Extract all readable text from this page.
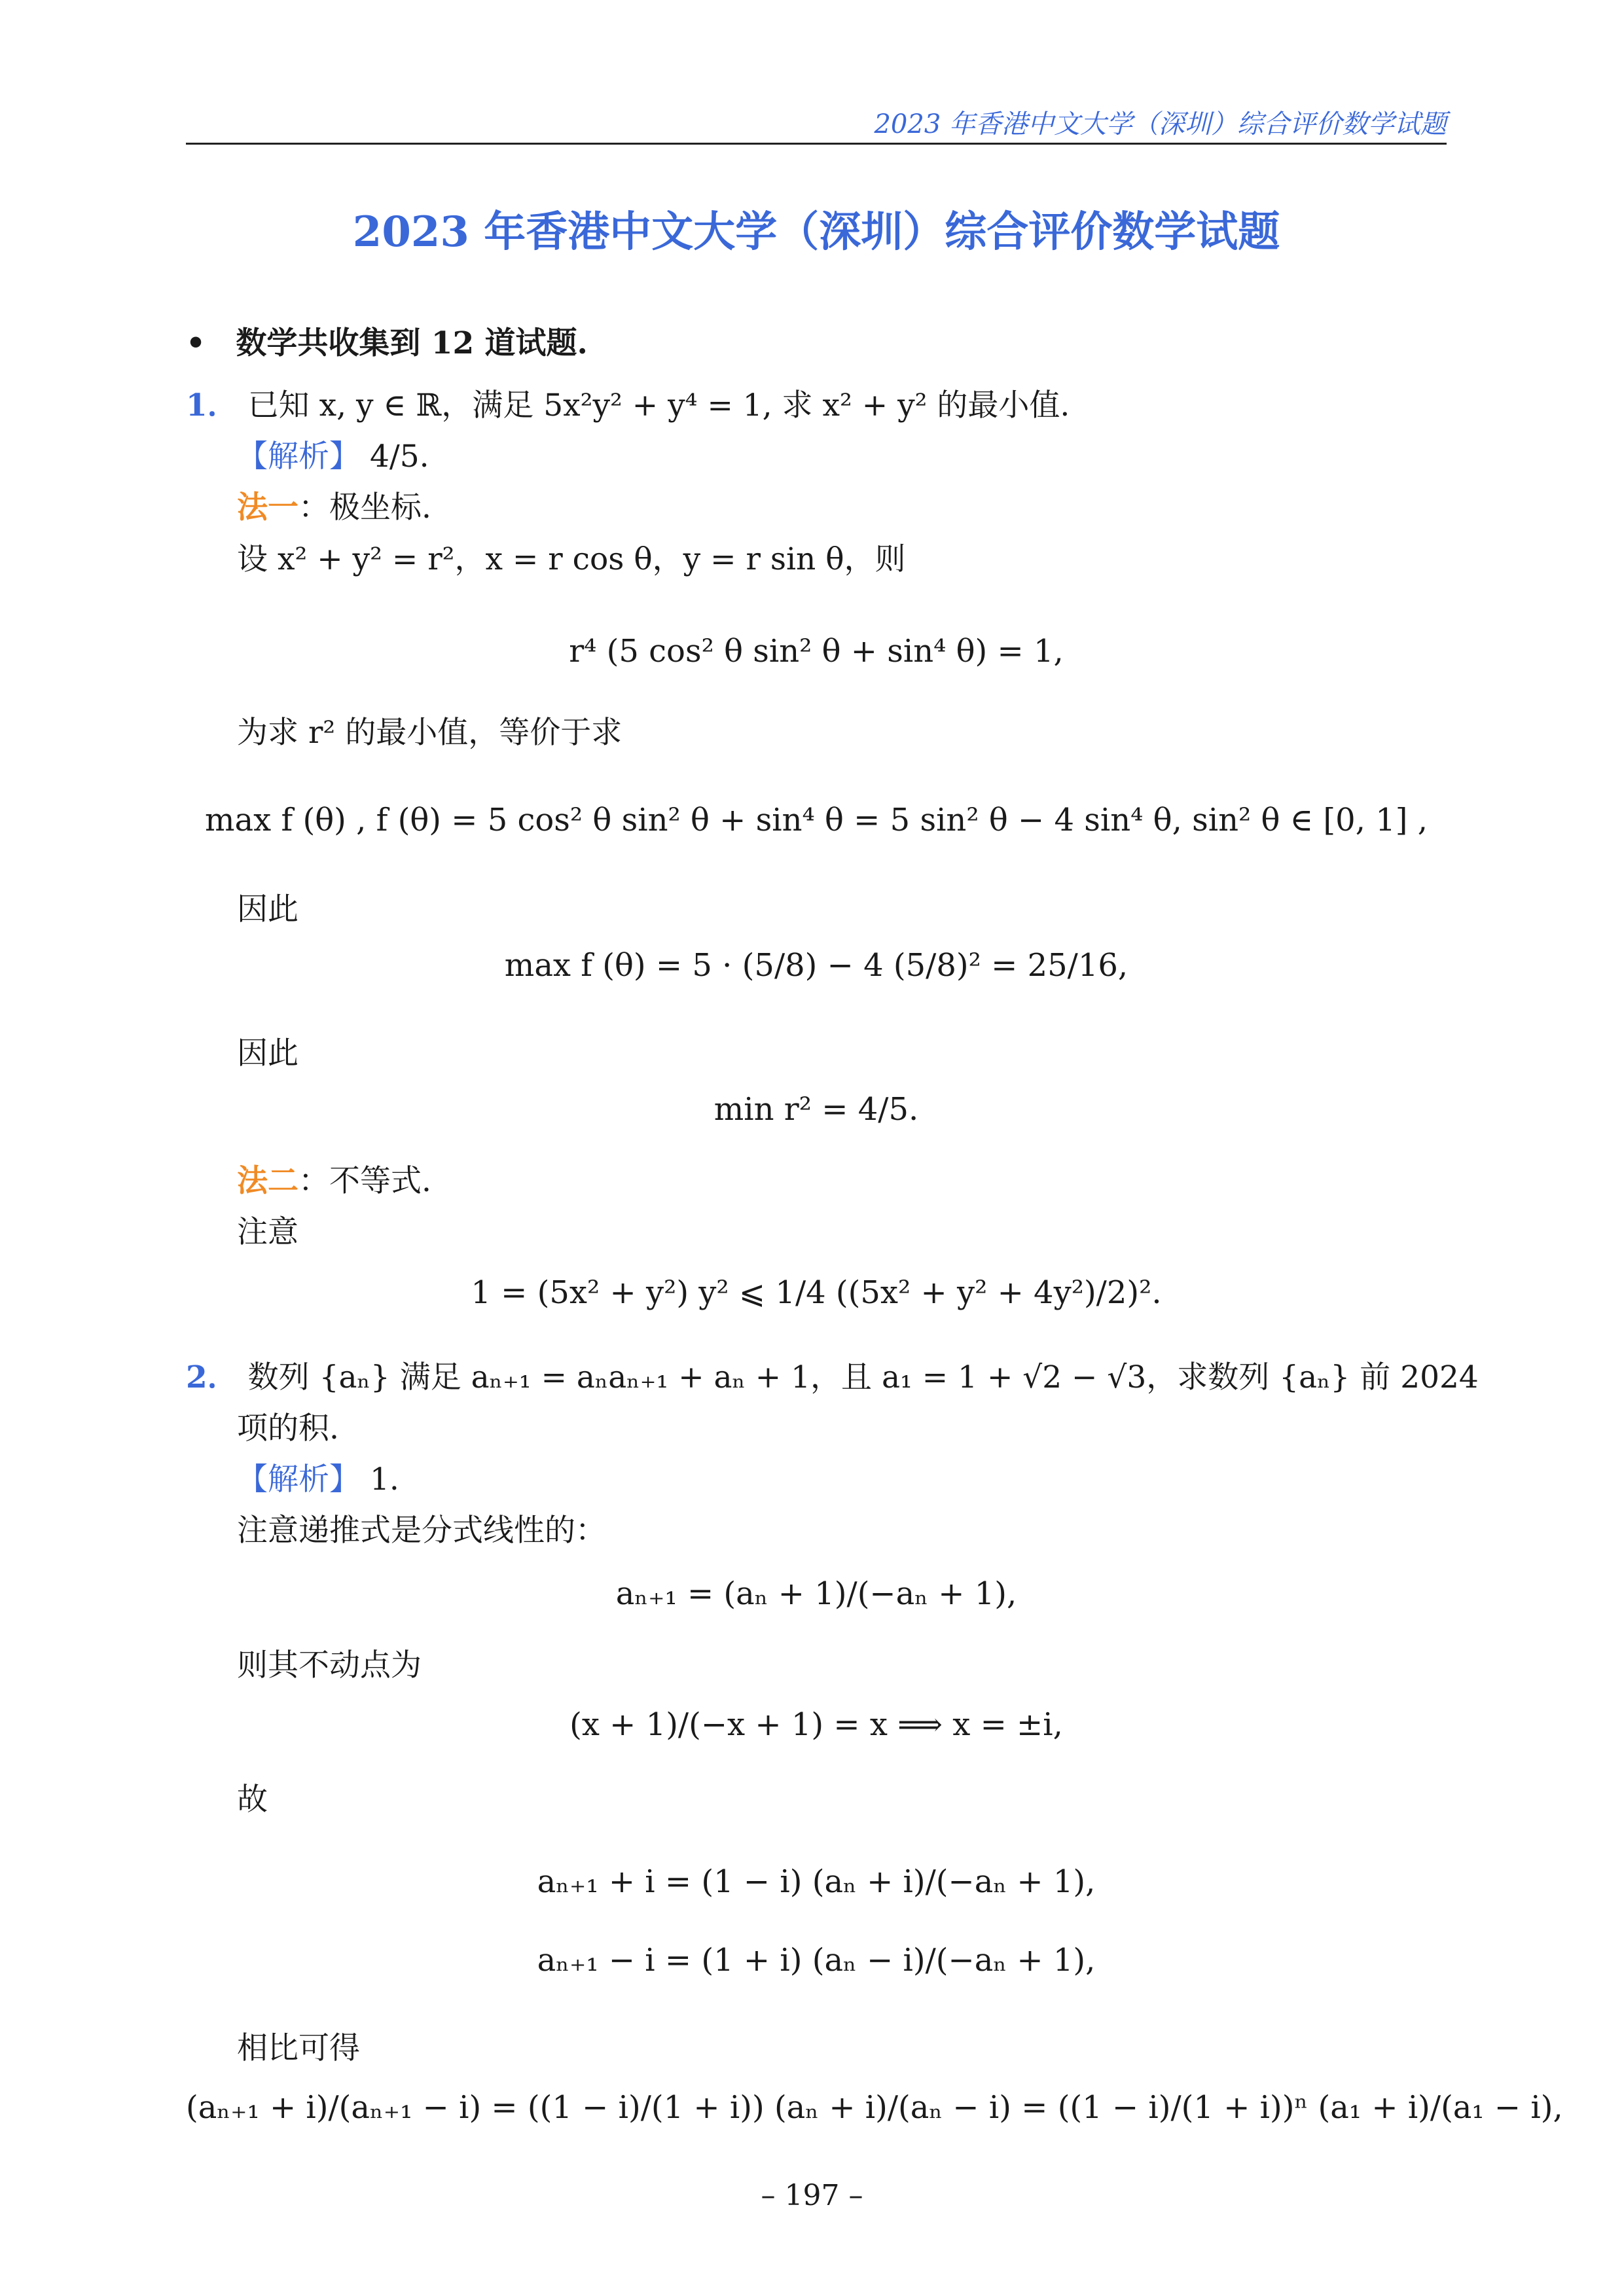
2023 年香港中文大学（深圳）综合评价数学试题
2023 年香港中文大学（深圳）综合评价数学试题
• 数学共收集到 12 道试题.
1． 已知 x, y ∈ ℝ，满足 5x²y² + y⁴ = 1, 求 x² + y² 的最小值.
【解析】 4/5.
法一：极坐标.
设 x² + y² = r²，x = r cos θ，y = r sin θ，则
r⁴ (5 cos² θ sin² θ + sin⁴ θ) = 1,
为求 r² 的最小值，等价于求
max f (θ) , f (θ) = 5 cos² θ sin² θ + sin⁴ θ = 5 sin² θ − 4 sin⁴ θ, sin² θ ∈ [0, 1] ,
因此
max f (θ) = 5 · (5/8) − 4 (5/8)² = 25/16,
因此
min r² = 4/5.
法二：不等式.
注意
1 = (5x² + y²) y² ⩽ 1/4 ((5x² + y² + 4y²)/2)².
2． 数列 {aₙ} 满足 aₙ₊₁ = aₙaₙ₊₁ + aₙ + 1，且 a₁ = 1 + √2 − √3，求数列 {aₙ} 前 2024
项的积.
【解析】 1.
注意递推式是分式线性的：
aₙ₊₁ = (aₙ + 1)/(−aₙ + 1),
则其不动点为
(x + 1)/(−x + 1) = x ⟹ x = ±i,
故
aₙ₊₁ + i = (1 − i) (aₙ + i)/(−aₙ + 1),
aₙ₊₁ − i = (1 + i) (aₙ − i)/(−aₙ + 1),
相比可得
(aₙ₊₁ + i)/(aₙ₊₁ − i) = ((1 − i)/(1 + i)) (aₙ + i)/(aₙ − i) = ((1 − i)/(1 + i))ⁿ (a₁ + i)/(a₁ − i),
– 197 –
